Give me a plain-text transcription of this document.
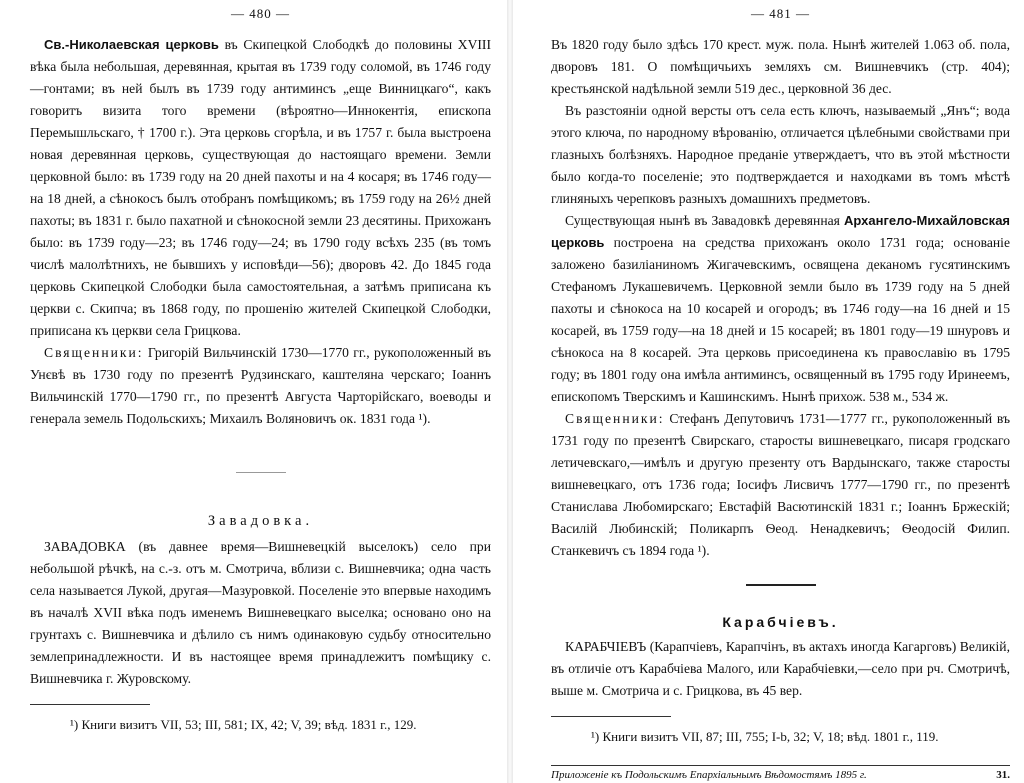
— 480 —

Св.-Николаевская церковь въ Скипецкой Слободкѣ до половины XVIII вѣка была небольшая, деревянная, крытая въ 1739 году соломой, въ 1746 году—гонтами; въ ней былъ въ 1739 году антиминсъ „еще Винницкаго“, какъ говоритъ визита того времени (вѣроятно—Иннокентія, епископа Перемышльскаго, † 1700 г.). Эта церковь сгорѣла, и въ 1757 г. была выстроена новая деревянная церковь, существующая до настоящаго времени. Земли церковной было: въ 1739 году на 20 дней пахоты и на 4 косаря; въ 1746 году—на 18 дней, а сѣнокосъ былъ отобранъ помѣщикомъ; въ 1759 году на 26½ дней пахоты; въ 1831 г. было пахатной и сѣнокосной земли 23 десятины. Прихожанъ было: въ 1739 году—23; въ 1746 году—24; въ 1790 году всѣхъ 235 (въ томъ числѣ малолѣтнихъ, не бывшихъ у исповѣди—56); дворовъ 42. До 1845 года церковь Скипецкой Слободки была самостоятельная, а затѣмъ приписана къ церкви с. Скипча; въ 1868 году, по прошенію жителей Скипецкой Слободки, приписана къ церкви села Грицкова.

Священники: Григорій Вильчинскій 1730—1770 гг., рукоположенный въ Унєвѣ въ 1730 году по презентѣ Рудзинскаго, каштеляна черскаго; Іоаннъ Вильчинскій 1770—1790 гг., по презентѣ Августа Чарторійскаго, воеводы и генерала земель Подольскихъ; Михаилъ Воляновичъ ок. 1831 года ¹).

Завадовка.

ЗАВАДОВКА (въ давнее время—Вишневецкій выселокъ) село при небольшой рѣчкѣ, на с.-з. отъ м. Смотрича, вблизи с. Вишневчика; одна часть села называется Лукой, другая—Мазуровкой. Поселеніе это впервые находимъ въ началѣ XVII вѣка подъ именемъ Вишневецкаго выселка; основано оно на грунтахъ с. Вишневчика и дѣлило съ нимъ одинаковую судьбу относительно землепринадлежности. И въ настоящее время принадлежитъ помѣщику с. Вишневчика г. Журовскому.

¹) Книги визитъ VII, 53; III, 581; IX, 42; V, 39; вѣд. 1831 г., 129.
— 481 —

Въ 1820 году было здѣсь 170 крест. муж. пола. Нынѣ жителей 1.063 об. пола, дворовъ 181. О помѣщичьихъ земляхъ см. Вишневчикъ (стр. 404); крестьянской надѣльной земли 519 дес., церковной 36 дес.

Въ разстояніи одной версты отъ села есть ключъ, называемый „Янъ“; вода этого ключа, по народному вѣрованію, отличается цѣлебными свойствами при глазныхъ болѣзняхъ. Народное преданіе утверждаетъ, что въ этой мѣстности было когда-то поселеніе; это подтверждается и находками въ томъ мѣстѣ глиняныхъ черепковъ разныхъ домашнихъ предметовъ.

Существующая нынѣ въ Завадовкѣ деревянная Архангело-Михайловская церковь построена на средства прихожанъ около 1731 года; основаніе заложено базиліаниномъ Жигачевскимъ, освящена деканомъ гусятинскимъ Стефаномъ Лукашевичемъ. Церковной земли было въ 1739 году на 5 дней пахоты и сѣнокоса на 10 косарей и огородъ; въ 1746 году—на 16 дней и 15 косарей, въ 1759 году—на 18 дней и 15 косарей; въ 1801 году—19 шнуровъ и сѣнокоса на 8 косарей. Эта церковь присоединена къ православію въ 1795 году; въ 1801 году она имѣла антиминсъ, освященный въ 1795 году Иринеемъ, епископомъ Тверскимъ и Кашинскимъ. Нынѣ прихож. 538 м., 534 ж.

Священники: Стефанъ Депутовичъ 1731—1777 гг., рукоположенный въ 1731 году по презентѣ Свирскаго, старосты вишневецкаго, писаря гродскаго летичевскаго,—имѣлъ и другую презенту отъ Вардынскаго, также старосты вишневецкаго, отъ 1736 года; Іосифъ Лисвичъ 1777—1790 гг., по презентѣ Станислава Любомирскаго; Евстафій Васютинскій 1831 г.; Іоаннъ Бржескій; Василій Любинскій; Поликарпъ Ѳеод. Ненадкевичъ; Ѳеодосій Филип. Станкевичъ съ 1894 года ¹).

Карабчіевъ.

КАРАБЧІЕВЪ (Карапчіевъ, Карапчінъ, въ актахъ иногда Кагарговъ) Великій, въ отличіе отъ Карабчіева Малого, или Карабчіевки,—село при рч. Смотричѣ, выше м. Смотрича и с. Грицкова, въ 45 вер.

¹) Книги визитъ VII, 87; III, 755; I-b, 32; V, 18; вѣд. 1801 г., 119.
Приложеніе къ Подольскимъ Епархіальнымъ Вѣдомостямъ 1895 г.	31.
